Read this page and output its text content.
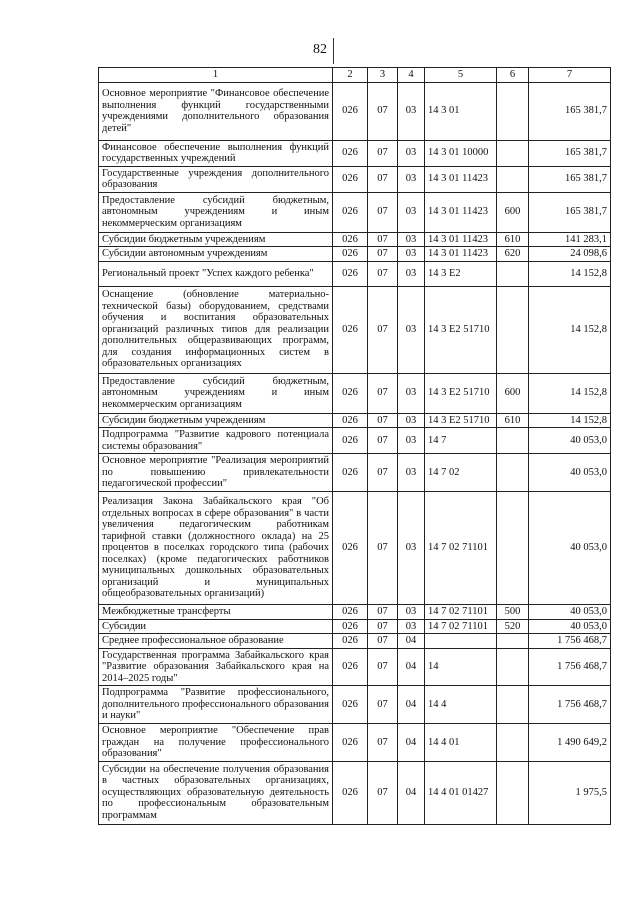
82
1	2	3	4	5	6	7
Основное мероприятие "Финансовое обеспечение выполнения функций государственными учреждениями дополнительного образования детей"	026	07	03	14 3 01		165 381,7
Финансовое обеспечение выполнения функций государственных учреждений	026	07	03	14 3 01 10000		165 381,7
Государственные учреждения дополнительного образования	026	07	03	14 3 01 11423		165 381,7
Предоставление субсидий бюджетным, автономным учреждениям и иным некоммерческим организациям	026	07	03	14 3 01 11423	600	165 381,7
Субсидии бюджетным учреждениям	026	07	03	14 3 01 11423	610	141 283,1
Субсидии автономным учреждениям	026	07	03	14 3 01 11423	620	24 098,6
Региональный проект "Успех каждого ребенка"	026	07	03	14 3 E2		14 152,8
Оснащение (обновление материально-технической базы) оборудованием, средствами обучения и воспитания образовательных организаций различных типов для реализации дополнительных общеразвивающих программ, для создания информационных систем в образовательных организациях	026	07	03	14 3 E2 51710		14 152,8
Предоставление субсидий бюджетным, автономным учреждениям и иным некоммерческим организациям	026	07	03	14 3 E2 51710	600	14 152,8
Субсидии бюджетным учреждениям	026	07	03	14 3 E2 51710	610	14 152,8
Подпрограмма "Развитие кадрового потенциала системы образования"	026	07	03	14 7		40 053,0
Основное мероприятие "Реализация мероприятий по повышению привлекательности педагогической профессии"	026	07	03	14 7 02		40 053,0
Реализация Закона Забайкальского края "Об отдельных вопросах в сфере образования" в части увеличения педагогическим работникам тарифной ставки (должностного оклада) на 25 процентов в поселках городского типа (рабочих поселках) (кроме педагогических работников муниципальных дошкольных образовательных организаций и муниципальных общеобразовательных организаций)	026	07	03	14 7 02 71101		40 053,0
Межбюджетные трансферты	026	07	03	14 7 02 71101	500	40 053,0
Субсидии	026	07	03	14 7 02 71101	520	40 053,0
Среднее профессиональное образование	026	07	04			1 756 468,7
Государственная программа Забайкальского края "Развитие образования Забайкальского края на 2014–2025 годы"	026	07	04	14		1 756 468,7
Подпрограмма "Развитие профессионального, дополнительного профессионального образования и науки"	026	07	04	14 4		1 756 468,7
Основное мероприятие "Обеспечение прав граждан на получение профессионального образования"	026	07	04	14 4 01		1 490 649,2
Субсидии на обеспечение получения образования в частных образовательных организациях, осуществляющих образовательную деятельность по профессиональным образовательным программам	026	07	04	14 4 01 01427		1 975,5
